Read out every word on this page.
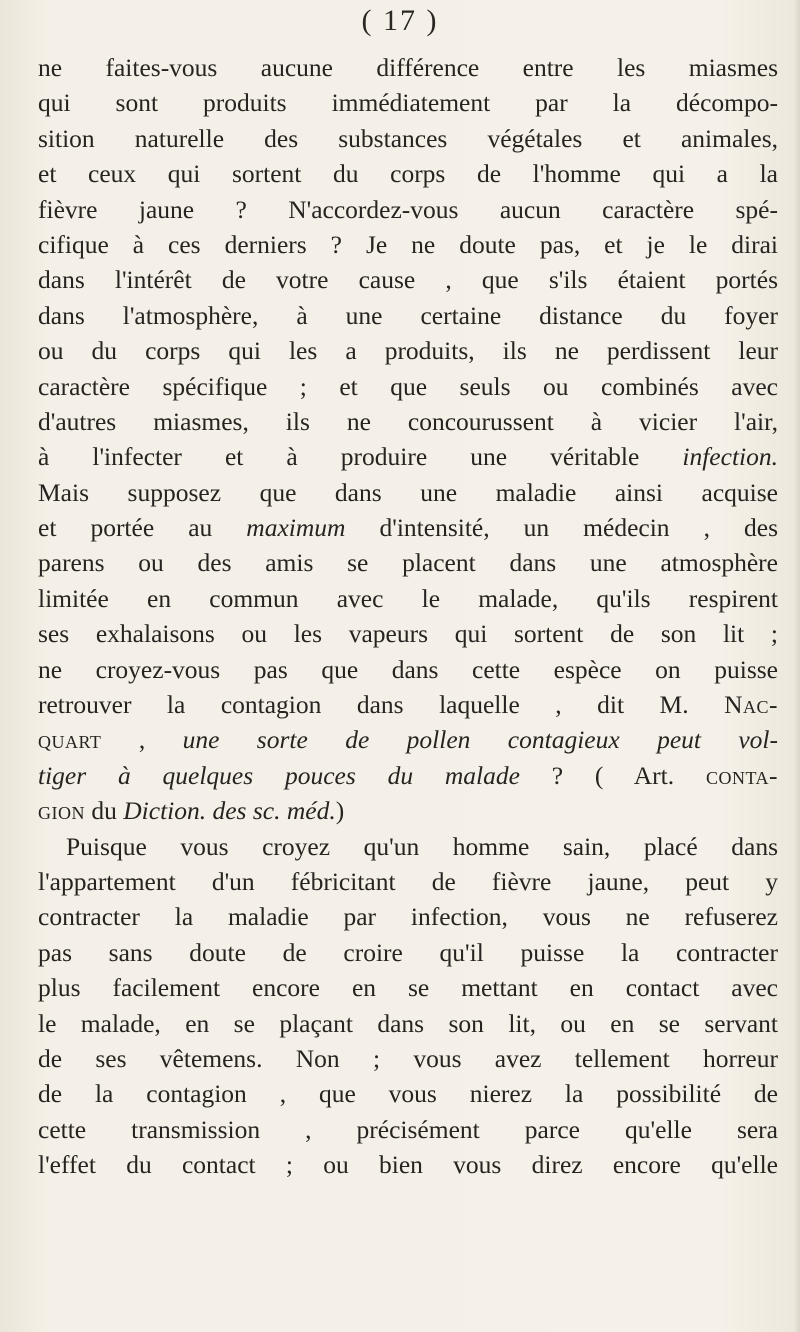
( 17 )
ne faites-vous aucune différence entre les miasmes
qui sont produits immédiatement par la décompo-
sition naturelle des substances végétales et animales,
et ceux qui sortent du corps de l'homme qui a la
fièvre jaune ? N'accordez-vous aucun caractère spé-
cifique à ces derniers ? Je ne doute pas, et je le dirai
dans l'intérêt de votre cause , que s'ils étaient portés
dans l'atmosphère, à une certaine distance du foyer
ou du corps qui les a produits, ils ne perdissent leur
caractère spécifique ; et que seuls ou combinés avec
d'autres miasmes, ils ne concourussent à vicier l'air,
à l'infecter et à produire une véritable infection.
Mais supposez que dans une maladie ainsi acquise
et portée au maximum d'intensité, un médecin , des
parens ou des amis se placent dans une atmosphère
limitée en commun avec le malade, qu'ils respirent
ses exhalaisons ou les vapeurs qui sortent de son lit ;
ne croyez-vous pas que dans cette espèce on puisse
retrouver la contagion dans laquelle , dit M. Nac-
quart , une sorte de pollen contagieux peut vol-
tiger à quelques pouces du malade ? ( Art. conta-
gion du Diction. des sc. méd.)
Puisque vous croyez qu'un homme sain, placé dans
l'appartement d'un fébricitant de fièvre jaune, peut y
contracter la maladie par infection, vous ne refuserez
pas sans doute de croire qu'il puisse la contracter
plus facilement encore en se mettant en contact avec
le malade, en se plaçant dans son lit, ou en se servant
de ses vêtemens. Non ; vous avez tellement horreur
de la contagion , que vous nierez la possibilité de
cette transmission , précisément parce qu'elle sera
l'effet du contact ; ou bien vous direz encore qu'elle
